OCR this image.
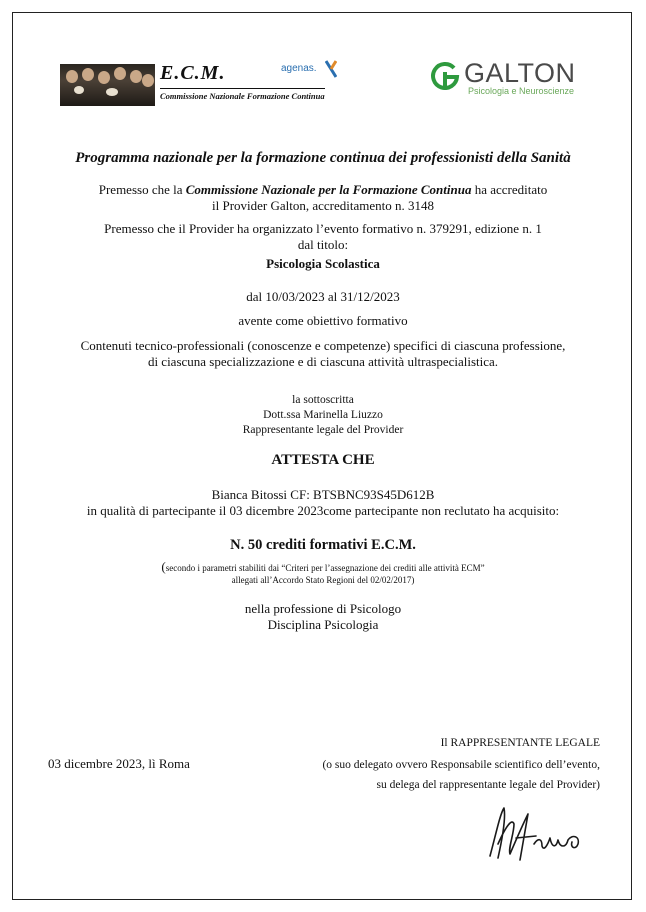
E.C.M.
Commissione Nazionale Formazione Continua
agenas.	GALTON
Psicologia e Neuroscienze
Programma nazionale per la formazione continua dei professionisti della Sanità
Premesso che la Commissione Nazionale per la Formazione Continua ha accreditato
il Provider Galton, accreditamento n. 3148
Premesso che il Provider ha organizzato l’evento formativo n. 379291, edizione n. 1
dal titolo:
Psicologia Scolastica
dal 10/03/2023 al 31/12/2023
avente come obiettivo formativo
Contenuti tecnico-professionali (conoscenze e competenze) specifici di ciascuna professione,
di ciascuna specializzazione e di ciascuna attività ultraspecialistica.
la sottoscritta
Dott.ssa Marinella Liuzzo
Rappresentante legale del Provider
ATTESTA CHE
Bianca Bitossi CF: BTSBNC93S45D612B
in qualità di partecipante il 03 dicembre 2023come partecipante non reclutato ha acquisito:
N. 50 crediti formativi E.C.M.
(secondo i parametri stabiliti dai “Criteri per l’assegnazione dei crediti alle attività ECM”
allegati all’Accordo Stato Regioni del 02/02/2017)
nella professione di Psicologo
Disciplina Psicologia
03 dicembre 2023, lì Roma
Il RAPPRESENTANTE LEGALE
(o suo delegato ovvero Responsabile scientifico dell’evento,
su delega del rappresentante legale del Provider)
